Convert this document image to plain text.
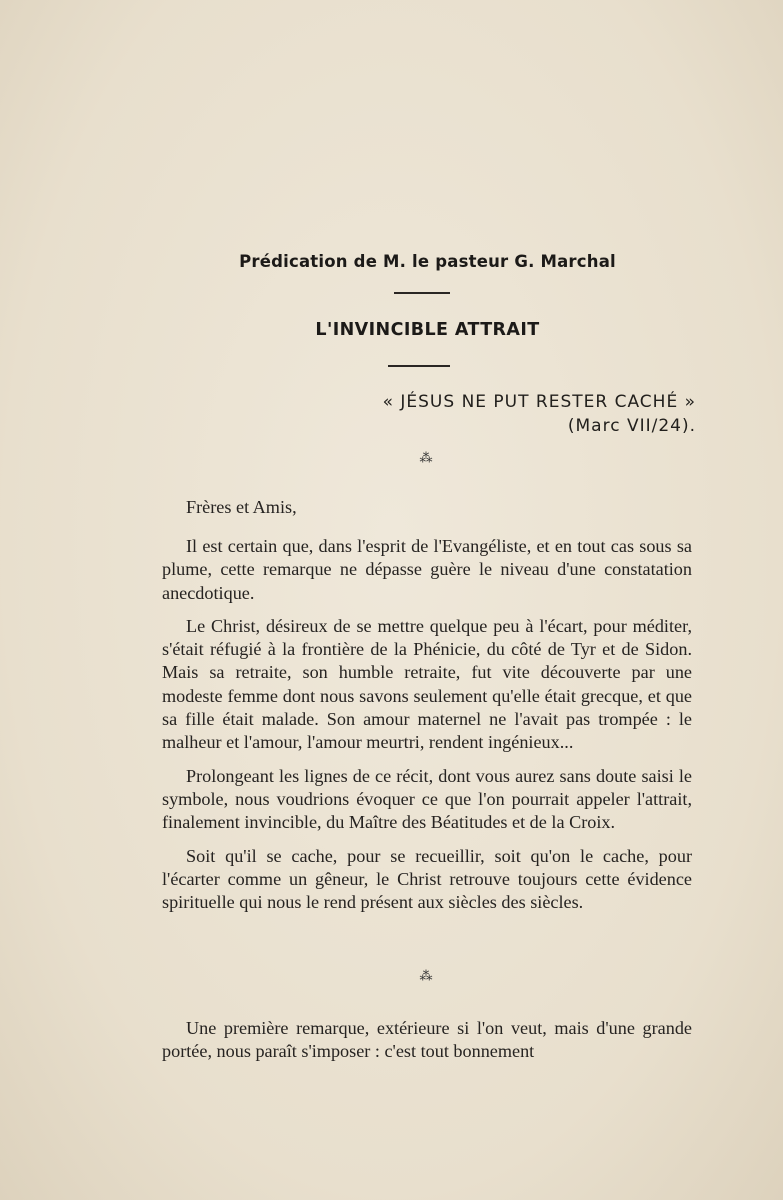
Prédication de M. le pasteur G. Marchal
L'INVINCIBLE ATTRAIT
« JÉSUS NE PUT RESTER CACHÉ »
(Marc VII/24).
⁂
Frères et Amis,

Il est certain que, dans l'esprit de l'Evangéliste, et en tout cas sous sa plume, cette remarque ne dépasse guère le niveau d'une constatation anecdotique.

Le Christ, désireux de se mettre quelque peu à l'écart, pour méditer, s'était réfugié à la frontière de la Phénicie, du côté de Tyr et de Sidon. Mais sa retraite, son humble retraite, fut vite découverte par une modeste femme dont nous savons seulement qu'elle était grecque, et que sa fille était malade. Son amour maternel ne l'avait pas trompée : le malheur et l'amour, l'amour meurtri, rendent ingénieux...

Prolongeant les lignes de ce récit, dont vous aurez sans doute saisi le symbole, nous voudrions évoquer ce que l'on pourrait appeler l'attrait, finalement invincible, du Maître des Béatitudes et de la Croix.

Soit qu'il se cache, pour se recueillir, soit qu'on le cache, pour l'écarter comme un gêneur, le Christ retrouve toujours cette évidence spirituelle qui nous le rend présent aux siècles des siècles.

⁂

Une première remarque, extérieure si l'on veut, mais d'une grande portée, nous paraît s'imposer : c'est tout bonnement
